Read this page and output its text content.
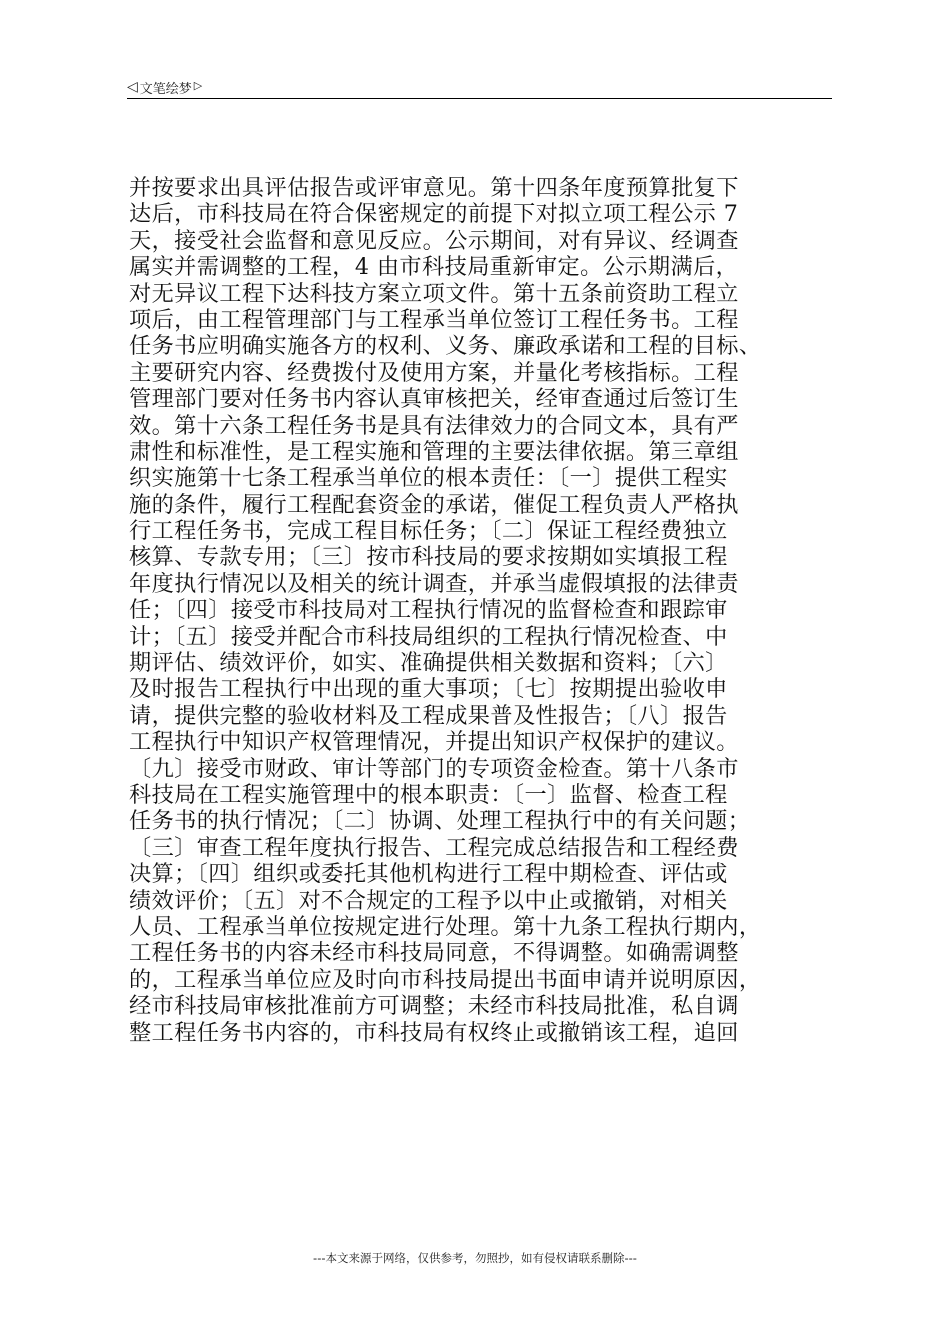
◁ 文笔绘梦 ▷
并按要求出具评估报告或评审意见。第十四条年度预算批复下
达后，市科技局在符合保密规定的前提下对拟立项工程公示 7
天，接受社会监督和意见反应。公示期间，对有异议、经调查
属实并需调整的工程，4 由市科技局重新审定。公示期满后，
对无异议工程下达科技方案立项文件。第十五条前资助工程立
项后，由工程管理部门与工程承当单位签订工程任务书。工程
任务书应明确实施各方的权利、义务、廉政承诺和工程的目标、
主要研究内容、经费拨付及使用方案，并量化考核指标。工程
管理部门要对任务书内容认真审核把关，经审查通过后签订生
效。第十六条工程任务书是具有法律效力的合同文本，具有严
肃性和标准性，是工程实施和管理的主要法律依据。第三章组
织实施第十七条工程承当单位的根本责任：〔一〕提供工程实
施的条件，履行工程配套资金的承诺，催促工程负责人严格执
行工程任务书，完成工程目标任务；〔二〕保证工程经费独立
核算、专款专用；〔三〕按市科技局的要求按期如实填报工程
年度执行情况以及相关的统计调查，并承当虚假填报的法律责
任；〔四〕接受市科技局对工程执行情况的监督检查和跟踪审
计；〔五〕接受并配合市科技局组织的工程执行情况检查、中
期评估、绩效评价，如实、准确提供相关数据和资料；〔六〕
及时报告工程执行中出现的重大事项；〔七〕按期提出验收申
请，提供完整的验收材料及工程成果普及性报告；〔八〕报告
工程执行中知识产权管理情况，并提出知识产权保护的建议。
〔九〕接受市财政、审计等部门的专项资金检查。第十八条市
科技局在工程实施管理中的根本职责：〔一〕监督、检查工程
任务书的执行情况；〔二〕协调、处理工程执行中的有关问题；
〔三〕审查工程年度执行报告、工程完成总结报告和工程经费
决算；〔四〕组织或委托其他机构进行工程中期检查、评估或
绩效评价；〔五〕对不合规定的工程予以中止或撤销，对相关
人员、工程承当单位按规定进行处理。第十九条工程执行期内，
工程任务书的内容未经市科技局同意，不得调整。如确需调整
的，工程承当单位应及时向市科技局提出书面申请并说明原因，
经市科技局审核批准前方可调整；未经市科技局批准，私自调
整工程任务书内容的，市科技局有权终止或撤销该工程，追回
---本文来源于网络，仅供参考，勿照抄，如有侵权请联系删除---
